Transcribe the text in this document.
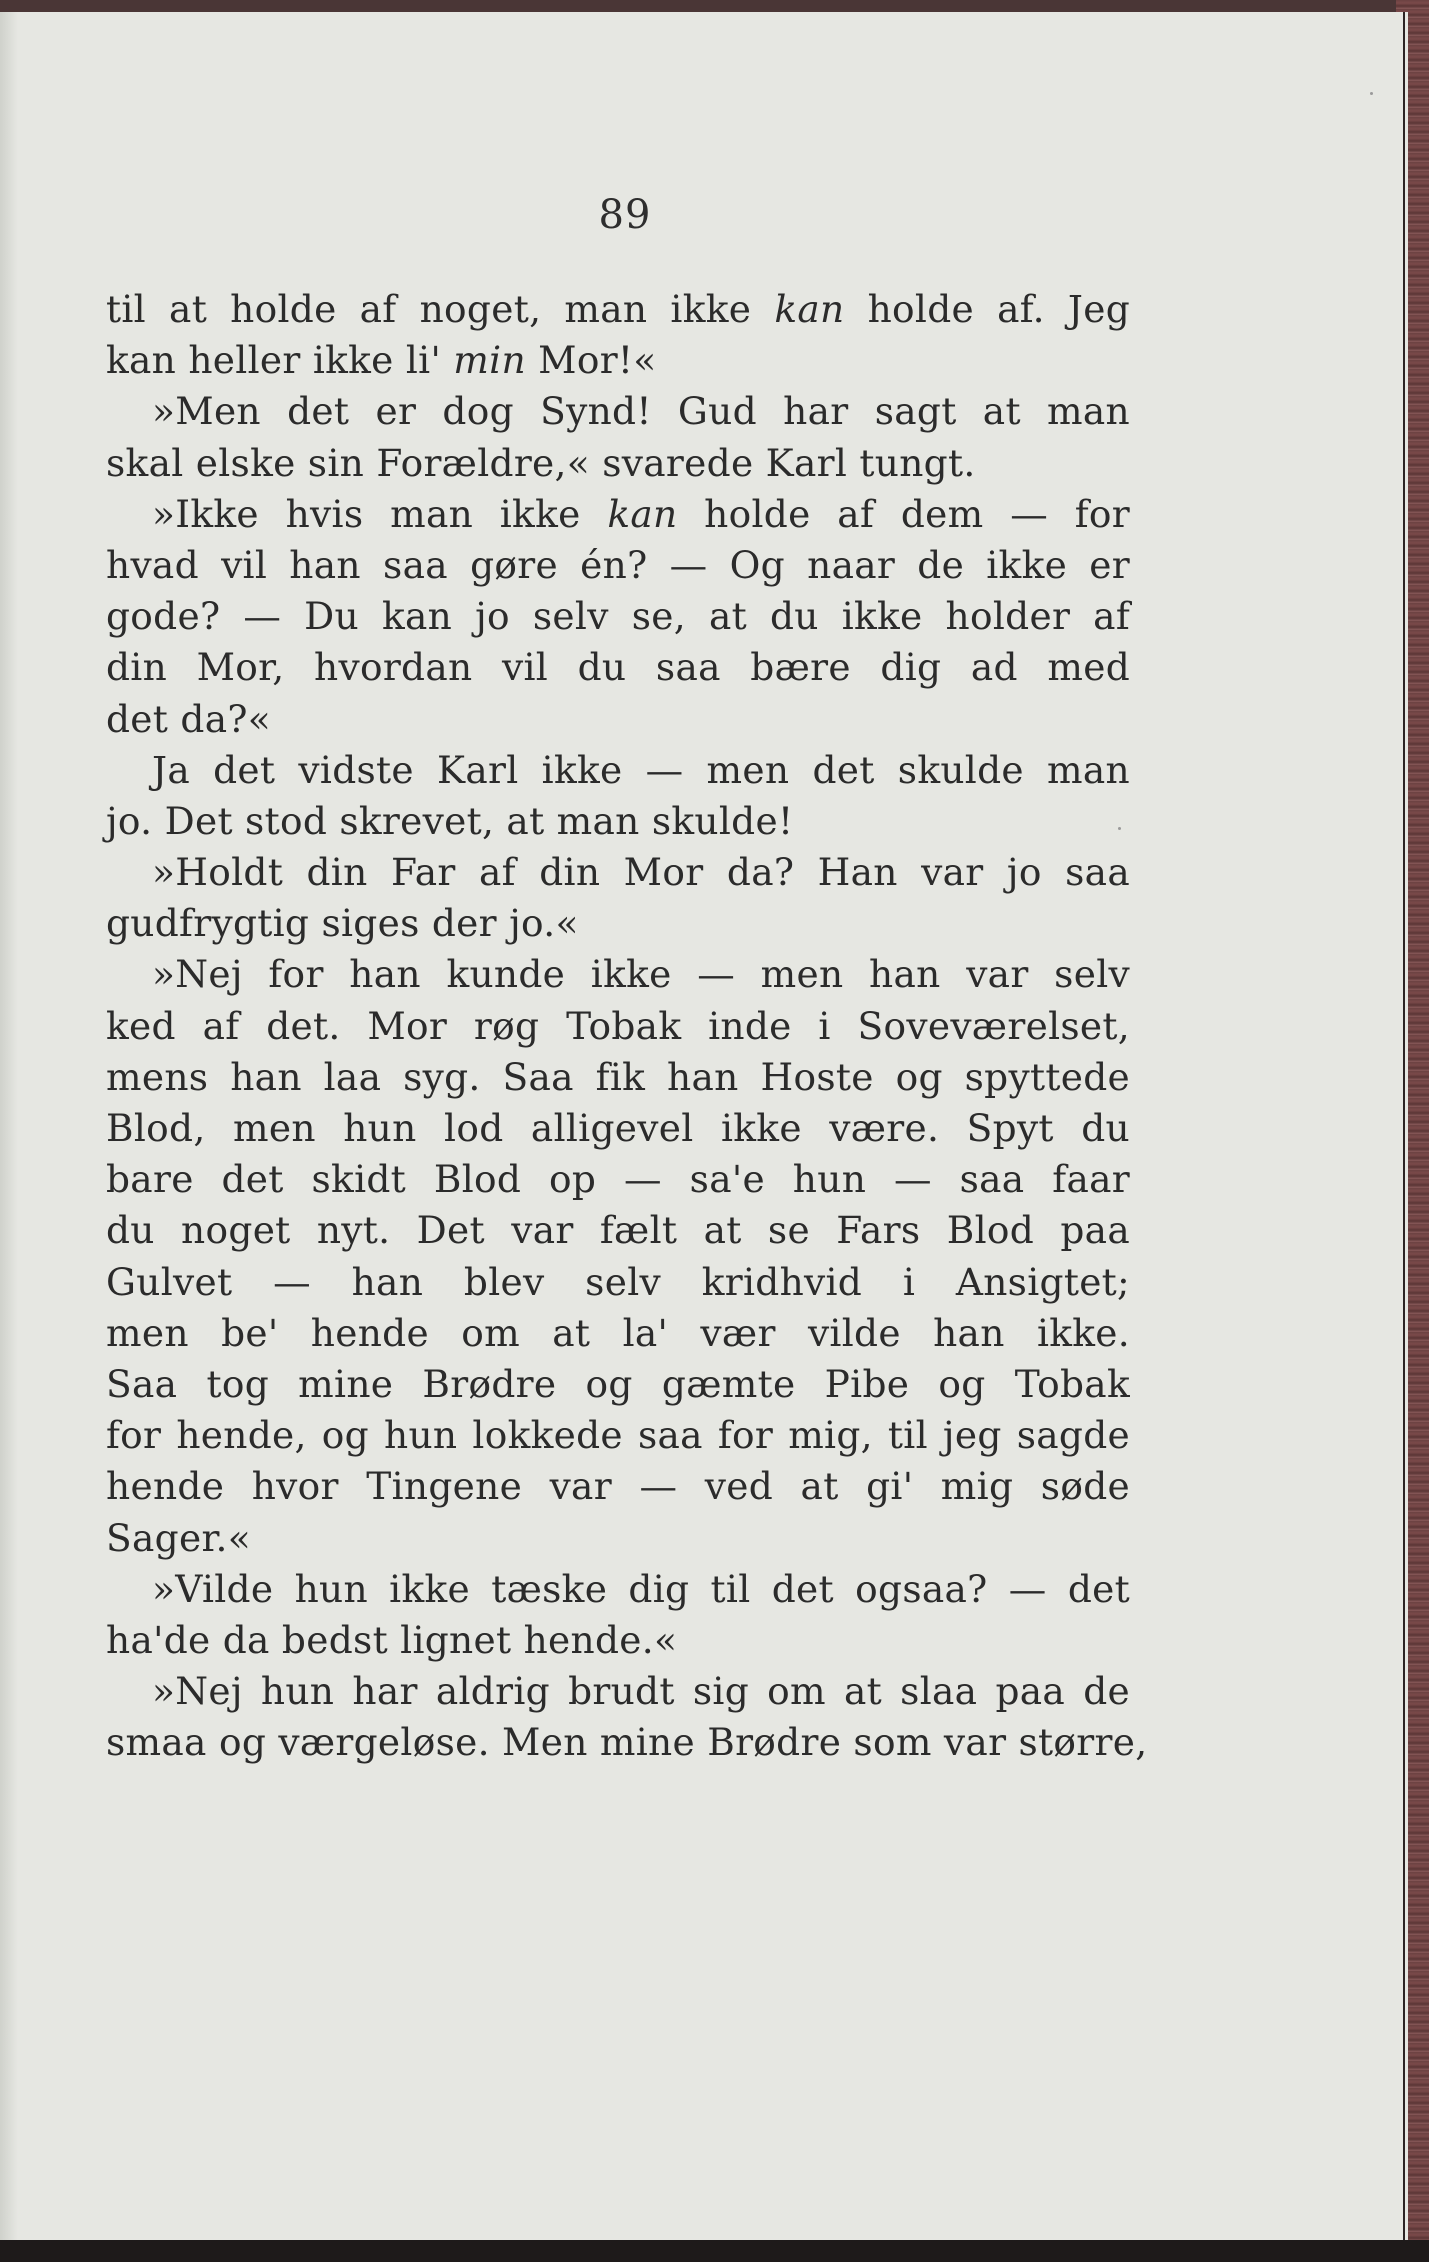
89
til at holde af noget, man ikke kan holde af. Jeg
kan heller ikke li' min Mor!«
»Men det er dog Synd! Gud har sagt at man
skal elske sin Forældre,« svarede Karl tungt.
»Ikke hvis man ikke kan holde af dem — for
hvad vil han saa gøre én? — Og naar de ikke er
gode? — Du kan jo selv se, at du ikke holder af
din Mor, hvordan vil du saa bære dig ad med
det da?«
Ja det vidste Karl ikke — men det skulde man
jo. Det stod skrevet, at man skulde!
»Holdt din Far af din Mor da? Han var jo saa
gudfrygtig siges der jo.«
»Nej for han kunde ikke — men han var selv
ked af det. Mor røg Tobak inde i Soveværelset,
mens han laa syg. Saa fik han Hoste og spyttede
Blod, men hun lod alligevel ikke være. Spyt du
bare det skidt Blod op — sa'e hun — saa faar
du noget nyt. Det var fælt at se Fars Blod paa
Gulvet — han blev selv kridhvid i Ansigtet;
men be' hende om at la' vær vilde han ikke.
Saa tog mine Brødre og gæmte Pibe og Tobak
for hende, og hun lokkede saa for mig, til jeg sagde
hende hvor Tingene var — ved at gi' mig søde
Sager.«
»Vilde hun ikke tæske dig til det ogsaa? — det
ha'de da bedst lignet hende.«
»Nej hun har aldrig brudt sig om at slaa paa de
smaa og værgeløse. Men mine Brødre som var større,
